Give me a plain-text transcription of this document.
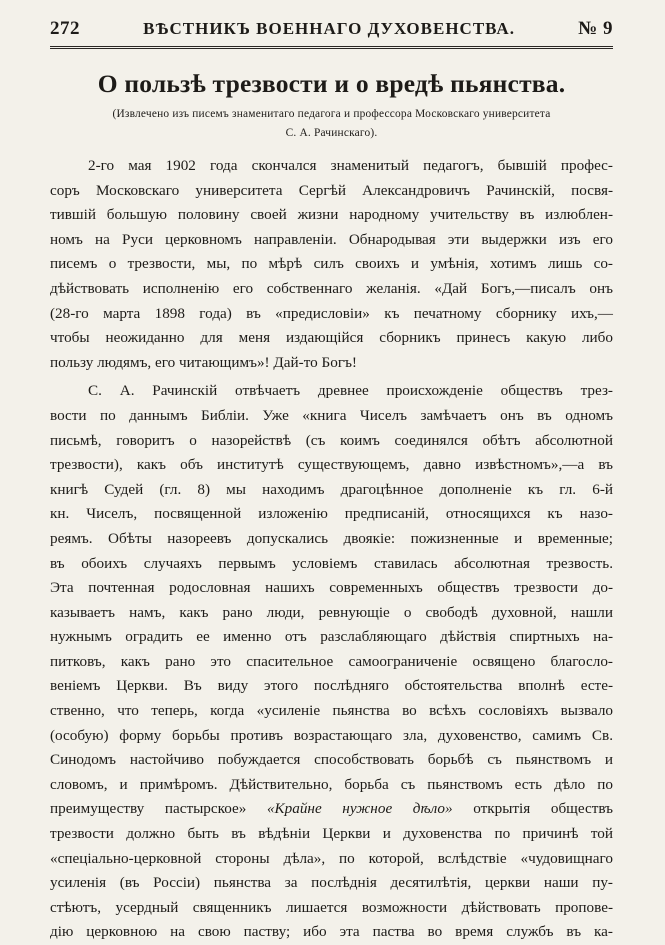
272	ВѢСТНИКЪ ВОЕННАГО ДУХОВЕНСТВА.	№ 9
О пользѣ трезвости и о вредѣ пьянства.
(Извлечено изъ писемъ знаменитаго педагога и профессора Московскаго университета
С. А. Рачинскаго).
2-го мая 1902 года скончался знаменитый педагогъ, бывшій профес-
соръ Московскаго университета Сергѣй Александровичъ Рачинскій, посвя-
тившій большую половину своей жизни народному учительству въ излюблен-
номъ на Руси церковномъ направленіи. Обнародывая эти выдержки изъ его
писемъ о трезвости, мы, по мѣрѣ силъ своихъ и умѣнія, хотимъ лишь со-
дѣйствовать исполненію его собственнаго желанія. «Дай Богъ,—писалъ онъ
(28-го марта 1898 года) въ «предисловіи» къ печатному сборнику ихъ,—
чтобы неожиданно для меня издающійся сборникъ принесъ какую либо
пользу людямъ, его читающимъ»! Дай-то Богъ!
С. А. Рачинскій отвѣчаетъ древнее происхожденіе обществъ трез-
вости по даннымъ Библіи. Уже «книга Чиселъ замѣчаетъ онъ въ одномъ
письмѣ, говоритъ о назорействѣ (съ коимъ соединялся обѣтъ абсолютной
трезвости), какъ объ институтѣ существующемъ, давно извѣстномъ»,—а въ
книгѣ Судей (гл. 8) мы находимъ драгоцѣнное дополненіе къ гл. 6-й
кн. Чиселъ, посвященной изложенію предписаній, относящихся къ назо-
реямъ. Обѣты назореевъ допускались двоякіе: пожизненные и временные;
въ обоихъ случаяхъ первымъ условіемъ ставилась абсолютная трезвость.
Эта почтенная родословная нашихъ современныхъ обществъ трезвости до-
казываетъ намъ, какъ рано люди, ревнующіе о свободѣ духовной, нашли
нужнымъ оградить ее именно отъ разслабляющаго дѣйствія спиртныхъ на-
питковъ, какъ рано это спасительное самоограниченіе освящено благосло-
веніемъ Церкви. Въ виду этого послѣдняго обстоятельства вполнѣ есте-
ственно, что теперь, когда «усиленіе пьянства во всѣхъ сословіяхъ вызвало
(особую) форму борьбы противъ возрастающаго зла, духовенство, самимъ Св.
Синодомъ настойчиво побуждается способствовать борьбѣ съ пьянствомъ и
словомъ, и примѣромъ. Дѣйствительно, борьба съ пьянствомъ есть дѣло по
преимуществу пастырское» «Крайне нужное дѣло» открытія обществъ
трезвости должно быть въ вѣдѣніи Церкви и духовенства по причинѣ той
«спеціально-церковной стороны дѣла», по которой, вслѣдствіе «чудовищнаго
усиленія (въ Россіи) пьянства за послѣднія десятилѣтія, церкви наши пу-
стѣютъ, усердный священникъ лишается возможности дѣйствовать пропове-
дію церковною на свою паству; ибо эта паства во время службъ въ ка-
